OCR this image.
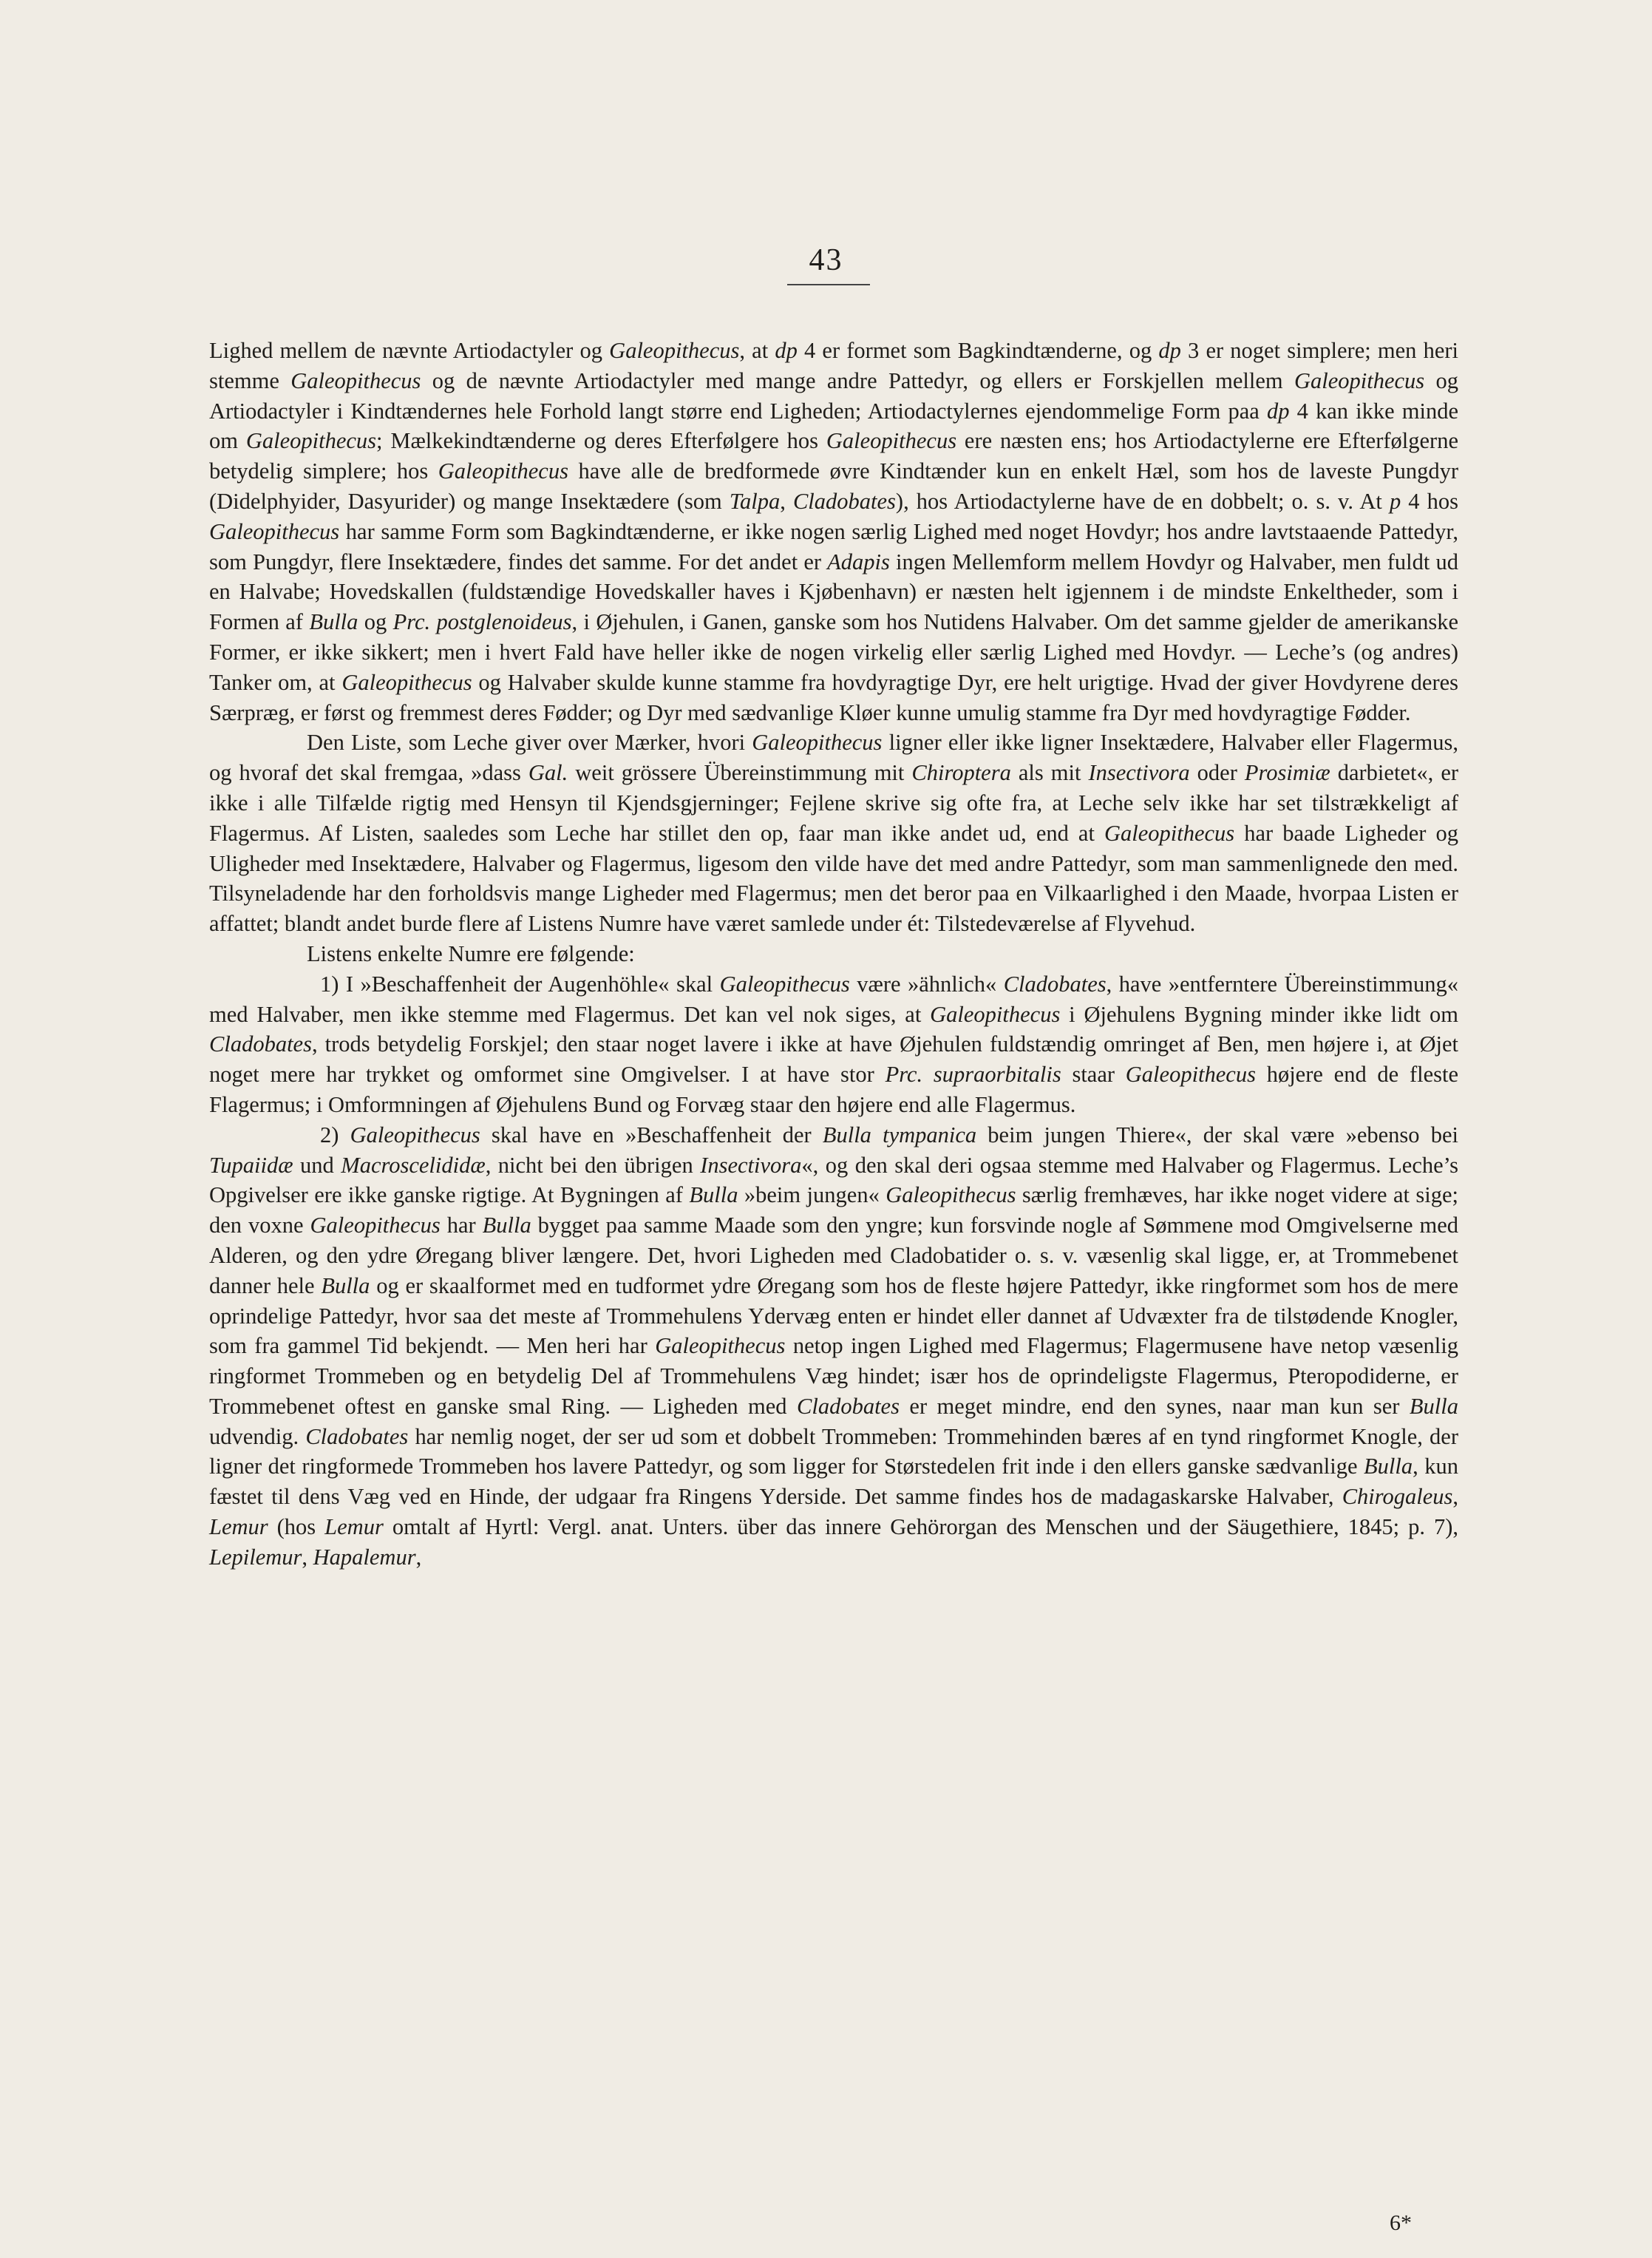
43

Lighed mellem de nævnte Artiodactyler og Galeopithecus, at dp 4 er formet som Bagkindtænderne, og dp 3 er noget simplere; men heri stemme Galeopithecus og de nævnte Artiodactyler med mange andre Pattedyr, og ellers er Forskjellen mellem Galeopithecus og Artiodactyler i Kindtændernes hele Forhold langt større end Ligheden; Artiodactylernes ejendommelige Form paa dp 4 kan ikke minde om Galeopithecus; Mælkekindtænderne og deres Efterfølgere hos Galeopithecus ere næsten ens; hos Artiodactylerne ere Efterfølgerne betydelig simplere; hos Galeopithecus have alle de bredformede øvre Kindtænder kun en enkelt Hæl, som hos de laveste Pungdyr (Didelphyider, Dasyurider) og mange Insektædere (som Talpa, Cladobates), hos Artiodactylerne have de en dobbelt; o. s. v. At p 4 hos Galeopithecus har samme Form som Bagkindtænderne, er ikke nogen særlig Lighed med noget Hovdyr; hos andre lavtstaaende Pattedyr, som Pungdyr, flere Insektædere, findes det samme. For det andet er Adapis ingen Mellemform mellem Hovdyr og Halvaber, men fuldt ud en Halvabe; Hovedskallen (fuldstændige Hovedskaller haves i Kjøbenhavn) er næsten helt igjennem i de mindste Enkeltheder, som i Formen af Bulla og Prc. postglenoideus, i Øjehulen, i Ganen, ganske som hos Nutidens Halvaber. Om det samme gjelder de amerikanske Former, er ikke sikkert; men i hvert Fald have heller ikke de nogen virkelig eller særlig Lighed med Hovdyr. — Leche’s (og andres) Tanker om, at Galeopithecus og Halvaber skulde kunne stamme fra hovdyragtige Dyr, ere helt urigtige. Hvad der giver Hovdyrene deres Særpræg, er først og fremmest deres Fødder; og Dyr med sædvanlige Kløer kunne umulig stamme fra Dyr med hovdyragtige Fødder.

Den Liste, som Leche giver over Mærker, hvori Galeopithecus ligner eller ikke ligner Insektædere, Halvaber eller Flagermus, og hvoraf det skal fremgaa, »dass Gal. weit grössere Übereinstimmung mit Chiroptera als mit Insectivora oder Prosimiæ darbietet«, er ikke i alle Tilfælde rigtig med Hensyn til Kjendsgjerninger; Fejlene skrive sig ofte fra, at Leche selv ikke har set tilstrækkeligt af Flagermus. Af Listen, saaledes som Leche har stillet den op, faar man ikke andet ud, end at Galeopithecus har baade Ligheder og Uligheder med Insektædere, Halvaber og Flagermus, ligesom den vilde have det med andre Pattedyr, som man sammenlignede den med. Tilsyneladende har den forholdsvis mange Ligheder med Flagermus; men det beror paa en Vilkaarlighed i den Maade, hvorpaa Listen er affattet; blandt andet burde flere af Listens Numre have været samlede under ét: Tilstedeværelse af Flyvehud.

Listens enkelte Numre ere følgende:

1) I »Beschaffenheit der Augenhöhle« skal Galeopithecus være »ähnlich« Cladobates, have »entferntere Übereinstimmung« med Halvaber, men ikke stemme med Flagermus. Det kan vel nok siges, at Galeopithecus i Øjehulens Bygning minder ikke lidt om Cladobates, trods betydelig Forskjel; den staar noget lavere i ikke at have Øjehulen fuldstændig omringet af Ben, men højere i, at Øjet noget mere har trykket og omformet sine Omgivelser. I at have stor Prc. supraorbitalis staar Galeopithecus højere end de fleste Flagermus; i Omformningen af Øjehulens Bund og Forvæg staar den højere end alle Flagermus.

2) Galeopithecus skal have en »Beschaffenheit der Bulla tympanica beim jungen Thiere«, der skal være »ebenso bei Tupaiidæ und Macroscelididæ, nicht bei den übrigen Insectivora«, og den skal deri ogsaa stemme med Halvaber og Flagermus. Leche’s Opgivelser ere ikke ganske rigtige. At Bygningen af Bulla »beim jungen« Galeopithecus særlig fremhæves, har ikke noget videre at sige; den voxne Galeopithecus har Bulla bygget paa samme Maade som den yngre; kun forsvinde nogle af Sømmene mod Omgivelserne med Alderen, og den ydre Øregang bliver længere. Det, hvori Ligheden med Cladobatider o. s. v. væsenlig skal ligge, er, at Trommebenet danner hele Bulla og er skaalformet med en tudformet ydre Øregang som hos de fleste højere Pattedyr, ikke ringformet som hos de mere oprindelige Pattedyr, hvor saa det meste af Trommehulens Ydervæg enten er hindet eller dannet af Udvæxter fra de tilstødende Knogler, som fra gammel Tid bekjendt. — Men heri har Galeopithecus netop ingen Lighed med Flagermus; Flagermusene have netop væsenlig ringformet Trommeben og en betydelig Del af Trommehulens Væg hindet; især hos de oprindeligste Flagermus, Pteropodiderne, er Trommebenet oftest en ganske smal Ring. — Ligheden med Cladobates er meget mindre, end den synes, naar man kun ser Bulla udvendig. Cladobates har nemlig noget, der ser ud som et dobbelt Trommeben: Trommehinden bæres af en tynd ringformet Knogle, der ligner det ringformede Trommeben hos lavere Pattedyr, og som ligger for Størstedelen frit inde i den ellers ganske sædvanlige Bulla, kun fæstet til dens Væg ved en Hinde, der udgaar fra Ringens Yderside. Det samme findes hos de madagaskarske Halvaber, Chirogaleus, Lemur (hos Lemur omtalt af Hyrtl: Vergl. anat. Unters. über das innere Gehörorgan des Menschen und der Säugethiere, 1845; p. 7), Lepilemur, Hapalemur,

6*
